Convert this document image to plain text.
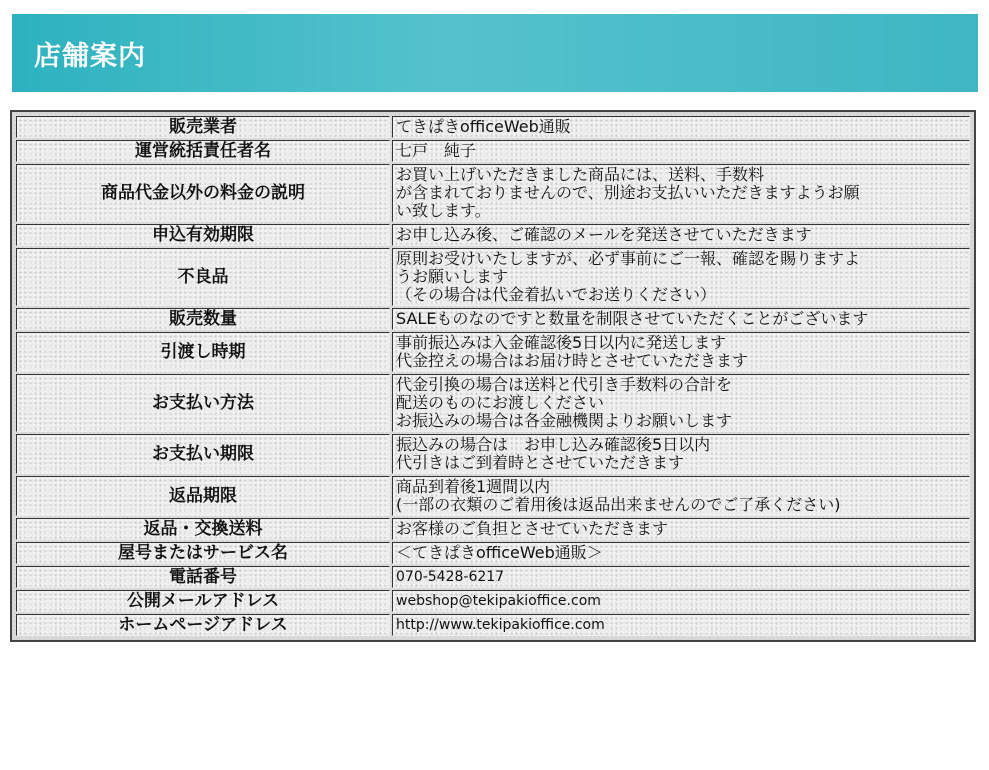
店舗案内
販売業者	てきぱきofficeWeb通販

運営統括責任者名	七戸　純子

商品代金以外の料金の説明	お買い上げいただきました商品には、送料、手数料
が含まれておりませんので、別途お支払いいただきますようお願
い致します。

申込有効期限	お申し込み後、ご確認のメールを発送させていただきます

不良品	原則お受けいたしますが、必ず事前にご一報、確認を賜りますよ
うお願いします
（その場合は代金着払いでお送りください）

販売数量	SALEものなのですと数量を制限させていただくことがございます

引渡し時期	事前振込みは入金確認後5日以内に発送します
代金控えの場合はお届け時とさせていただきます

お支払い方法	代金引換の場合は送料と代引き手数料の合計を
配送のものにお渡しください
お振込みの場合は各金融機関よりお願いします

お支払い期限	振込みの場合は　お申し込み確認後5日以内
代引きはご到着時とさせていただきます

返品期限	商品到着後1週間以内
(一部の衣類のご着用後は返品出来ませんのでご了承ください)

返品・交換送料	お客様のご負担とさせていただきます

屋号またはサービス名	＜てきぱきofficeWeb通販＞

電話番号	070-5428-6217

公開メールアドレス	webshop@tekipakioffice.com

ホームページアドレス	http://www.tekipakioffice.com
